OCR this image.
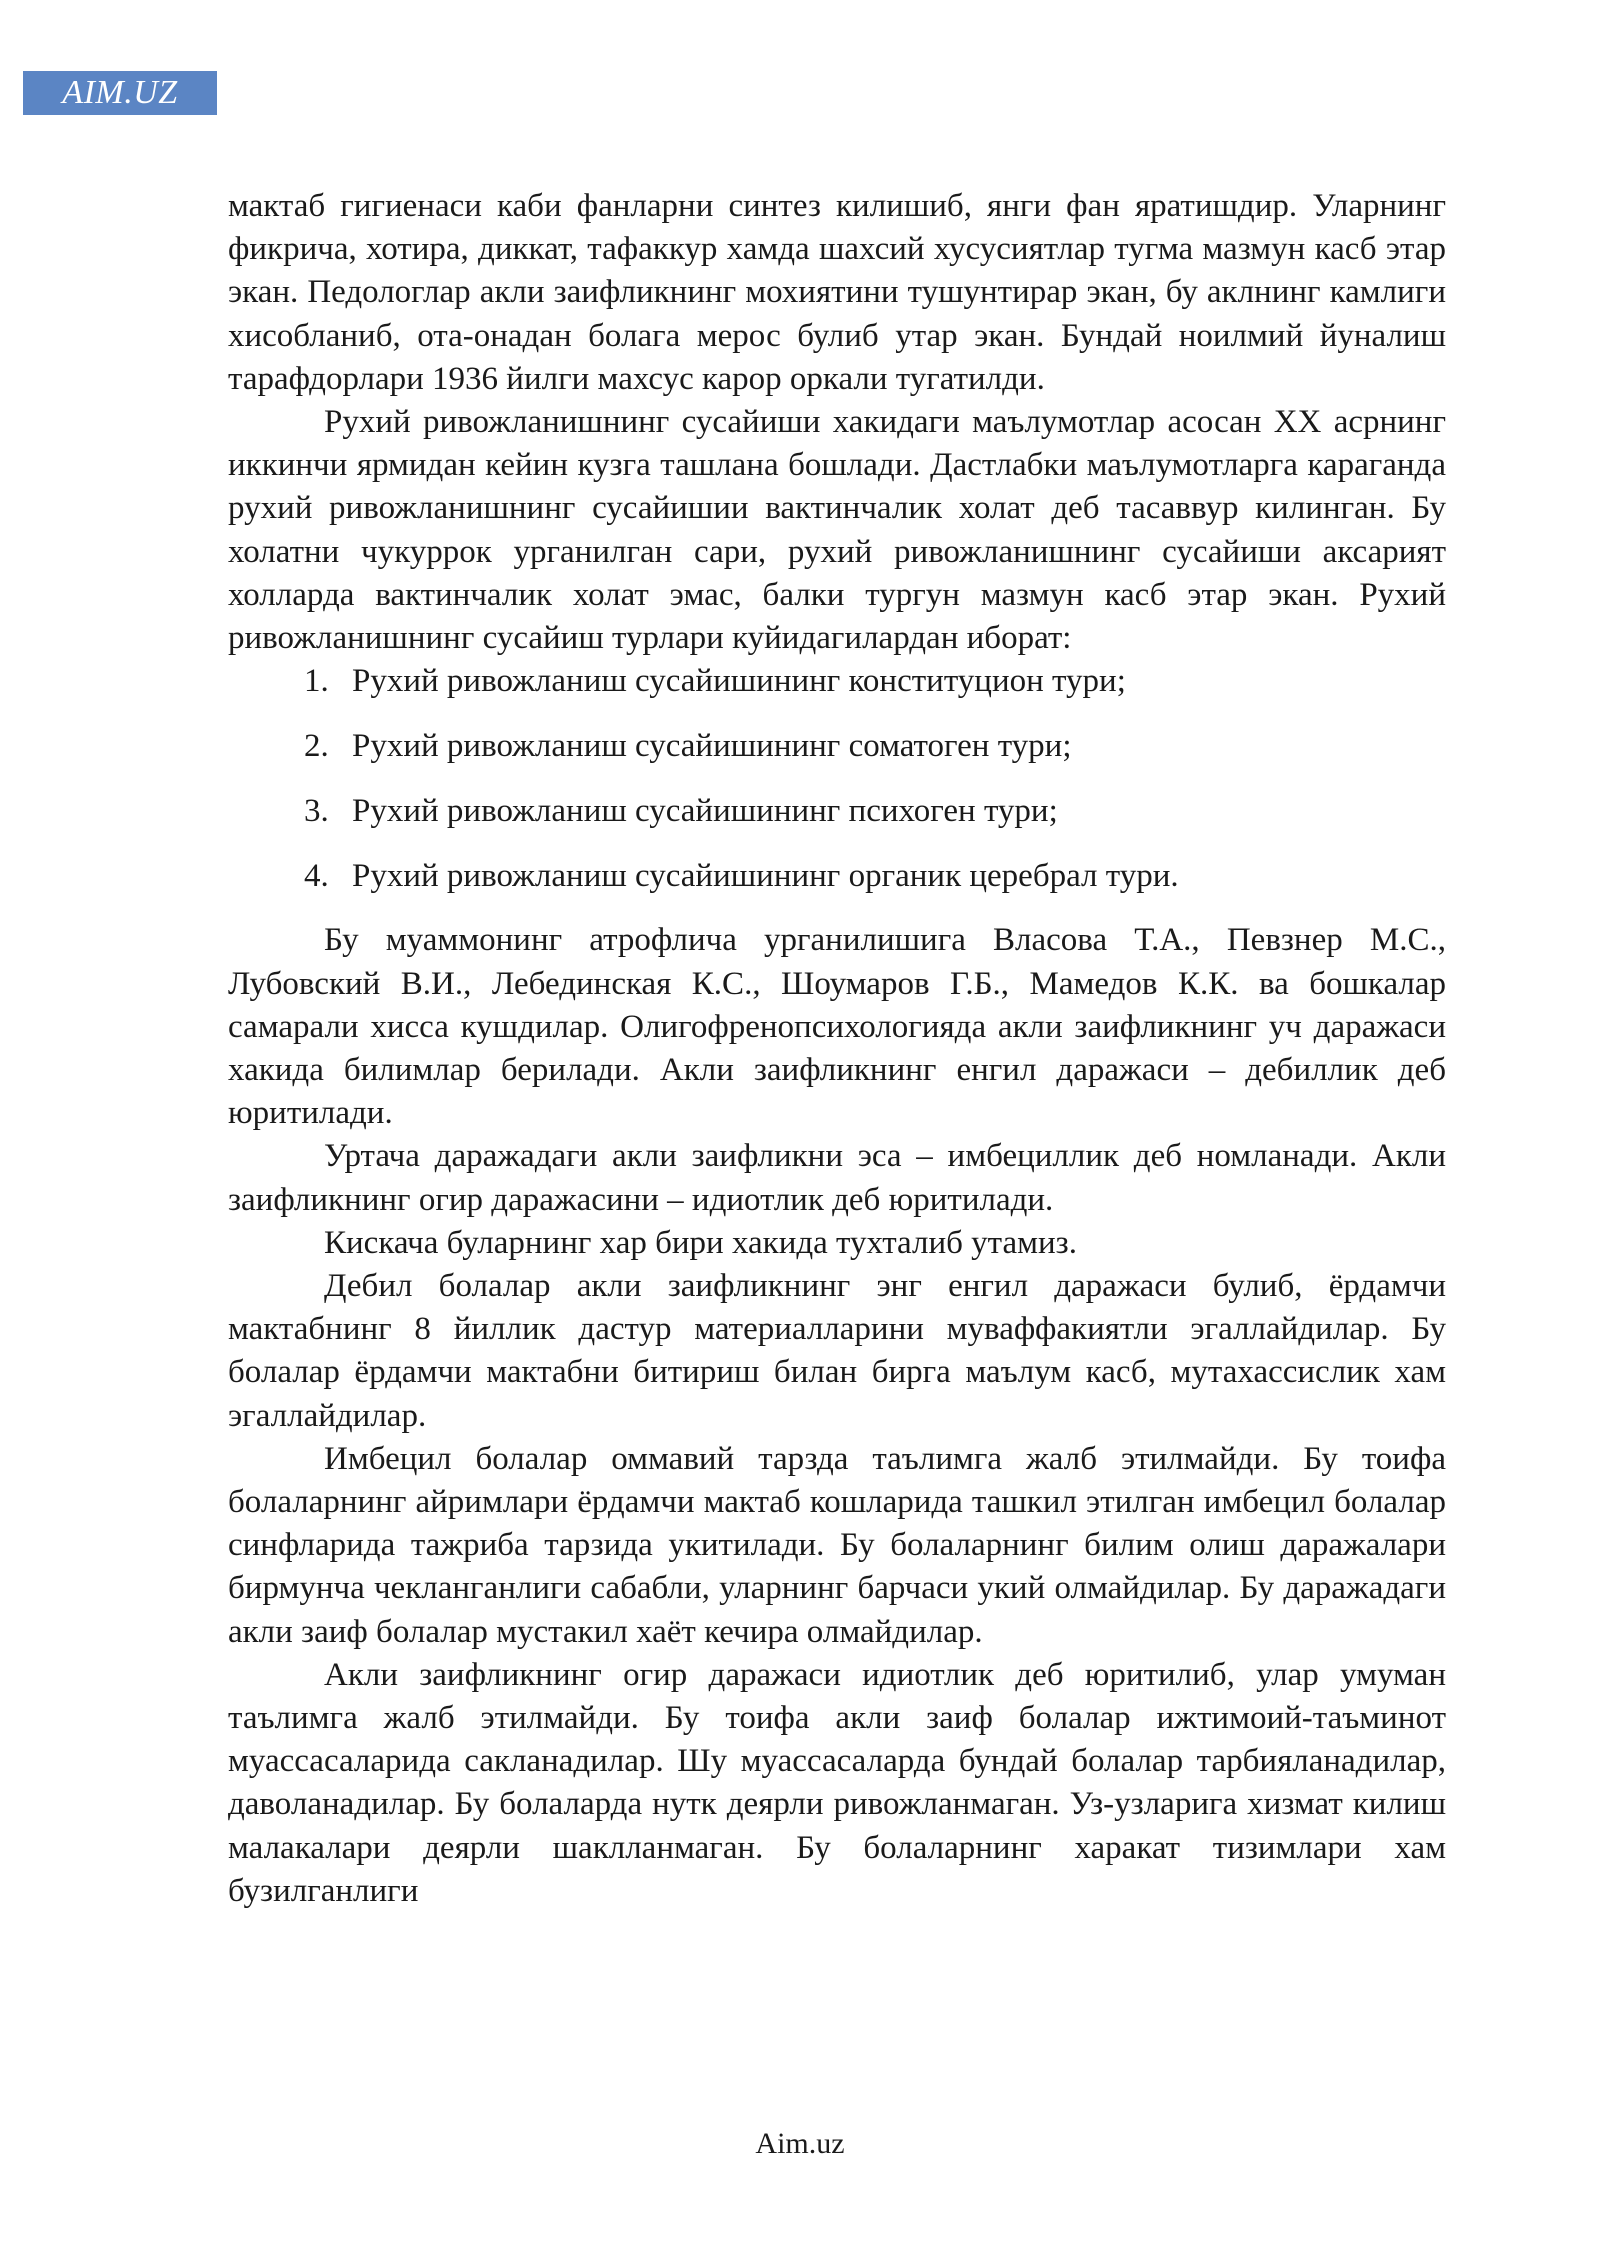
AIM.UZ

мактаб гигиенаси каби фанларни синтез килишиб, янги фан яратишдир. Уларнинг фикрича, хотира, диккат, тафаккур хамда шахсий хусусиятлар тугма мазмун касб этар экан. Педологлар акли заифликнинг мохиятини тушунтирар экан, бу аклнинг камлиги хисобланиб, ота-онадан болага мерос булиб утар экан. Бундай ноилмий йуналиш тарафдорлари 1936 йилги махсус карор оркали тугатилди.

Рухий ривожланишнинг сусайиши хакидаги маълумотлар асосан XX асрнинг иккинчи ярмидан кейин кузга ташлана бошлади. Дастлабки маълумотларга караганда рухий ривожланишнинг сусайишии вактинчалик холат деб тасаввур килинган. Бу холатни чукуррок урганилган сари, рухий ривожланишнинг сусайиши аксарият холларда вактинчалик холат эмас, балки тургун мазмун касб этар экан. Рухий ривожланишнинг сусайиш турлари куйидагилардан иборат:

1. Рухий ривожланиш сусайишининг конституцион тури;
2. Рухий ривожланиш сусайишининг соматоген тури;
3. Рухий ривожланиш сусайишининг психоген тури;
4. Рухий ривожланиш сусайишининг органик церебрал тури.

Бу муаммонинг атрофлича урганилишига Власова Т.А., Певзнер М.С., Лубовский В.И., Лебединская К.С., Шоумаров Г.Б., Мамедов К.К. ва бошкалар самарали хисса кушдилар. Олигофренопсихологияда акли заифликнинг уч даражаси хакида билимлар берилади. Акли заифликнинг енгил даражаси – дебиллик деб юритилади.

Уртача даражадаги акли заифликни эса – имбециллик деб номланади. Акли заифликнинг огир даражасини – идиотлик деб юритилади.

Кискача буларнинг хар бири хакида тухталиб утамиз.

Дебил болалар акли заифликнинг энг енгил даражаси булиб, ёрдамчи мактабнинг 8 йиллик дастур материалларини муваффакиятли эгаллайдилар. Бу болалар ёрдамчи мактабни битириш билан бирга маълум касб, мутахассислик хам эгаллайдилар.

Имбецил болалар оммавий тарзда таълимга жалб этилмайди. Бу тоифа болаларнинг айримлари ёрдамчи мактаб кошларида ташкил этилган имбецил болалар синфларида тажриба тарзида укитилади. Бу болаларнинг билим олиш даражалари бирмунча чекланганлиги сабабли, уларнинг барчаси укий олмайдилар. Бу даражадаги акли заиф болалар мустакил хаёт кечира олмайдилар.

Акли заифликнинг огир даражаси идиотлик деб юритилиб, улар умуман таълимга жалб этилмайди. Бу тоифа акли заиф болалар ижтимоий-таъминот муассасаларида сакланадилар. Шу муассасаларда бундай болалар тарбияланадилар, даволанадилар. Бу болаларда нутк деярли ривожланмаган. Уз-узларига хизмат килиш малакалари деярли шаклланмаган. Бу болаларнинг харакат тизимлари хам бузилганлиги

Aim.uz
